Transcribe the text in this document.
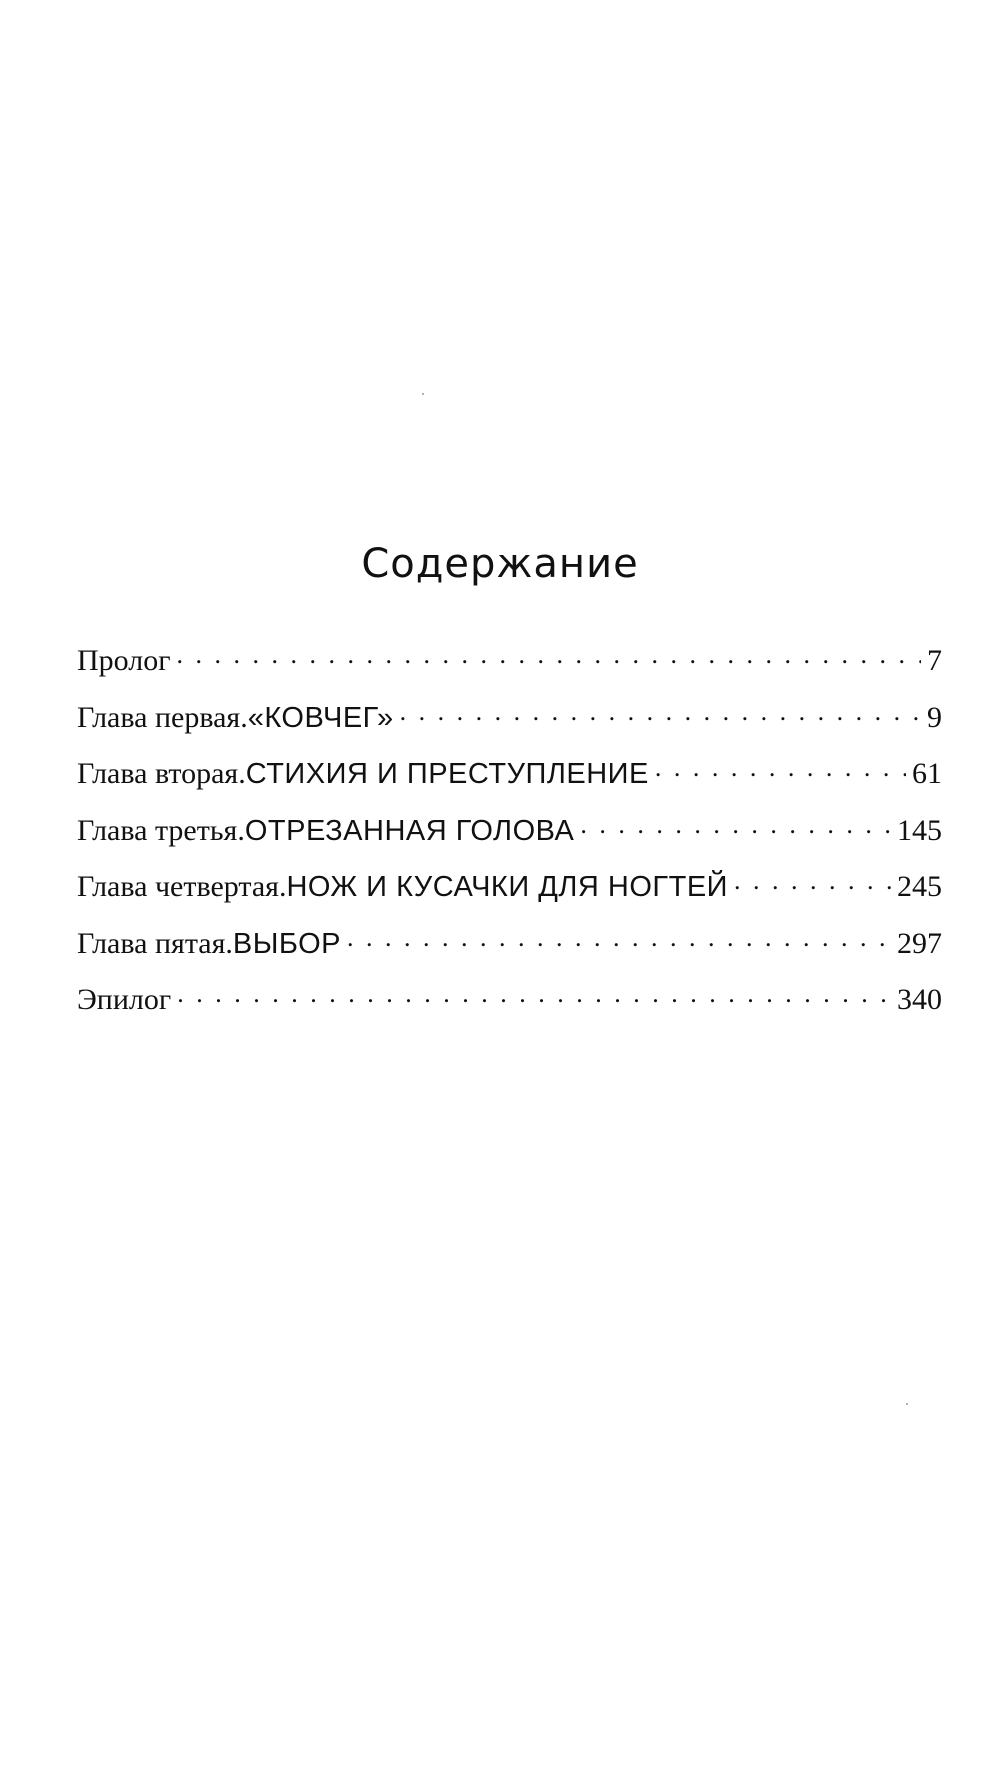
Содержание
Пролог . . .	7
Глава первая. «КОВЧЕГ» . . .	9
Глава вторая. СТИХИЯ И ПРЕСТУПЛЕНИЕ . . .	61
Глава третья. ОТРЕЗАННАЯ ГОЛОВА . . .	145
Глава четвертая. НОЖ И КУСАЧКИ ДЛЯ НОГТЕЙ . . .	245
Глава пятая. ВЫБОР . . .	297
Эпилог . . .	340
